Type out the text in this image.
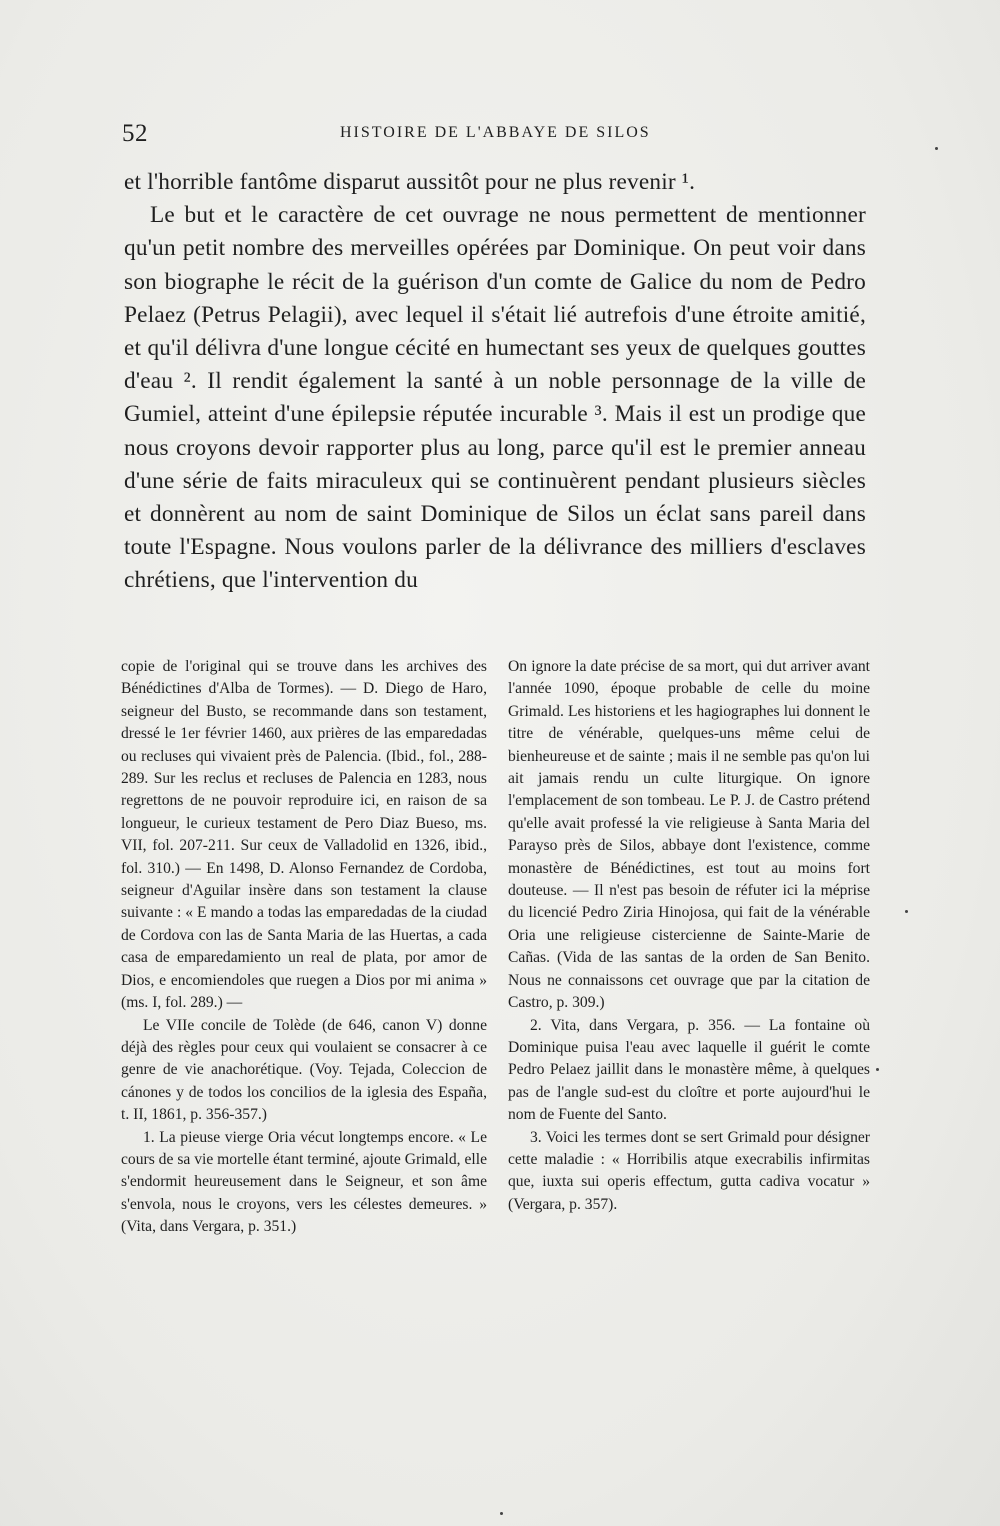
52	HISTOIRE DE L'ABBAYE DE SILOS

et l'horrible fantôme disparut aussitôt pour ne plus revenir ¹.

Le but et le caractère de cet ouvrage ne nous permettent de mentionner qu'un petit nombre des merveilles opérées par Dominique. On peut voir dans son biographe le récit de la guérison d'un comte de Galice du nom de Pedro Pelaez (Petrus Pelagii), avec lequel il s'était lié autrefois d'une étroite amitié, et qu'il délivra d'une longue cécité en humectant ses yeux de quelques gouttes d'eau ². Il rendit également la santé à un noble personnage de la ville de Gumiel, atteint d'une épilepsie réputée incurable ³. Mais il est un prodige que nous croyons devoir rapporter plus au long, parce qu'il est le premier anneau d'une série de faits miraculeux qui se continuèrent pendant plusieurs siècles et donnèrent au nom de saint Dominique de Silos un éclat sans pareil dans toute l'Espagne. Nous voulons parler de la délivrance des milliers d'esclaves chrétiens, que l'intervention du

copie de l'original qui se trouve dans les archives des Bénédictines d'Alba de Tormes). — D. Diego de Haro, seigneur del Busto, se recommande dans son testament, dressé le 1er février 1460, aux prières de las emparedadas ou recluses qui vivaient près de Palencia. (Ibid., fol., 288-289. Sur les reclus et recluses de Palencia en 1283, nous regrettons de ne pouvoir reproduire ici, en raison de sa longueur, le curieux testament de Pero Diaz Bueso, ms. VII, fol. 207-211. Sur ceux de Valladolid en 1326, ibid., fol. 310.) — En 1498, D. Alonso Fernandez de Cordoba, seigneur d'Aguilar insère dans son testament la clause suivante : « E mando a todas las emparedadas de la ciudad de Cordova con las de Santa Maria de las Huertas, a cada casa de emparedamiento un real de plata, por amor de Dios, e encomiendoles que ruegen a Dios por mi anima » (ms. I, fol. 289.) —

Le VIIe concile de Tolède (de 646, canon V) donne déjà des règles pour ceux qui voulaient se consacrer à ce genre de vie anachorétique. (Voy. Tejada, Coleccion de cánones y de todos los concilios de la iglesia des España, t. II, 1861, p. 356-357.)

1. La pieuse vierge Oria vécut longtemps encore. « Le cours de sa vie mortelle étant terminé, ajoute Grimald, elle s'endormit heureusement dans le Seigneur, et son âme s'envola, nous le croyons, vers les célestes demeures. » (Vita, dans Vergara, p. 351.)

On ignore la date précise de sa mort, qui dut arriver avant l'année 1090, époque probable de celle du moine Grimald. Les historiens et les hagiographes lui donnent le titre de vénérable, quelques-uns même celui de bienheureuse et de sainte ; mais il ne semble pas qu'on lui ait jamais rendu un culte liturgique. On ignore l'emplacement de son tombeau. Le P. J. de Castro prétend qu'elle avait professé la vie religieuse à Santa Maria del Parayso près de Silos, abbaye dont l'existence, comme monastère de Bénédictines, est tout au moins fort douteuse. — Il n'est pas besoin de réfuter ici la méprise du licencié Pedro Ziria Hinojosa, qui fait de la vénérable Oria une religieuse cistercienne de Sainte-Marie de Cañas. (Vida de las santas de la orden de San Benito. Nous ne connaissons cet ouvrage que par la citation de Castro, p. 309.)

2. Vita, dans Vergara, p. 356. — La fontaine où Dominique puisa l'eau avec laquelle il guérit le comte Pedro Pelaez jaillit dans le monastère même, à quelques pas de l'angle sud-est du cloître et porte aujourd'hui le nom de Fuente del Santo.

3. Voici les termes dont se sert Grimald pour désigner cette maladie : « Horribilis atque execrabilis infirmitas que, iuxta sui operis effectum, gutta cadiva vocatur » (Vergara, p. 357).
